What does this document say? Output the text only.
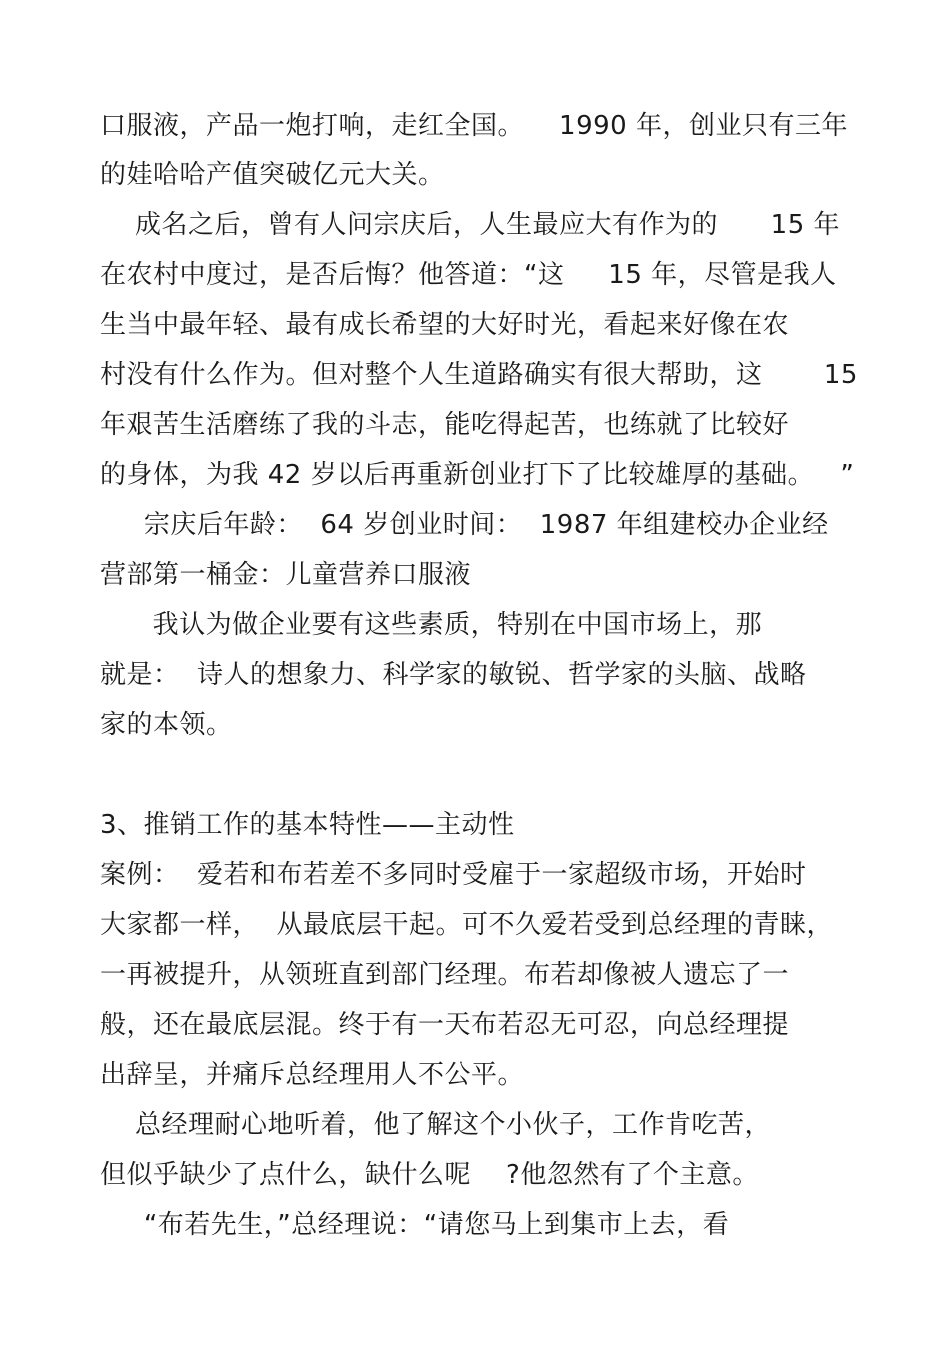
口服液，产品一炮打响，走红全国。    1990 年，创业只有三年
的娃哈哈产值突破亿元大关。
成名之后，曾有人问宗庆后，人生最应大有作为的      15 年
在农村中度过，是否后悔？他答道：“这     15 年，尽管是我人
生当中最年轻、最有成长希望的大好时光，看起来好像在农
村没有什么作为。但对整个人生道路确实有很大帮助，这       15
年艰苦生活磨练了我的斗志，能吃得起苦，也练就了比较好
的身体，为我 42 岁以后再重新创业打下了比较雄厚的基础。   ”
宗庆后年龄：  64 岁创业时间：  1987 年组建校办企业经
营部第一桶金：儿童营养口服液
我认为做企业要有这些素质，特别在中国市场上，那
就是：  诗人的想象力、科学家的敏锐、哲学家的头脑、战略
家的本领。
3、推销工作的基本特性——主动性
案例：  爱若和布若差不多同时受雇于一家超级市场，开始时
大家都一样，  从最底层干起。可不久爱若受到总经理的青睐，
一再被提升，从领班直到部门经理。布若却像被人遗忘了一
般，还在最底层混。终于有一天布若忍无可忍，向总经理提
出辞呈，并痛斥总经理用人不公平。
总经理耐心地听着，他了解这个小伙子，工作肯吃苦，
但似乎缺少了点什么，缺什么呢    ?他忽然有了个主意。
“布若先生，”总经理说：“请您马上到集市上去，看
